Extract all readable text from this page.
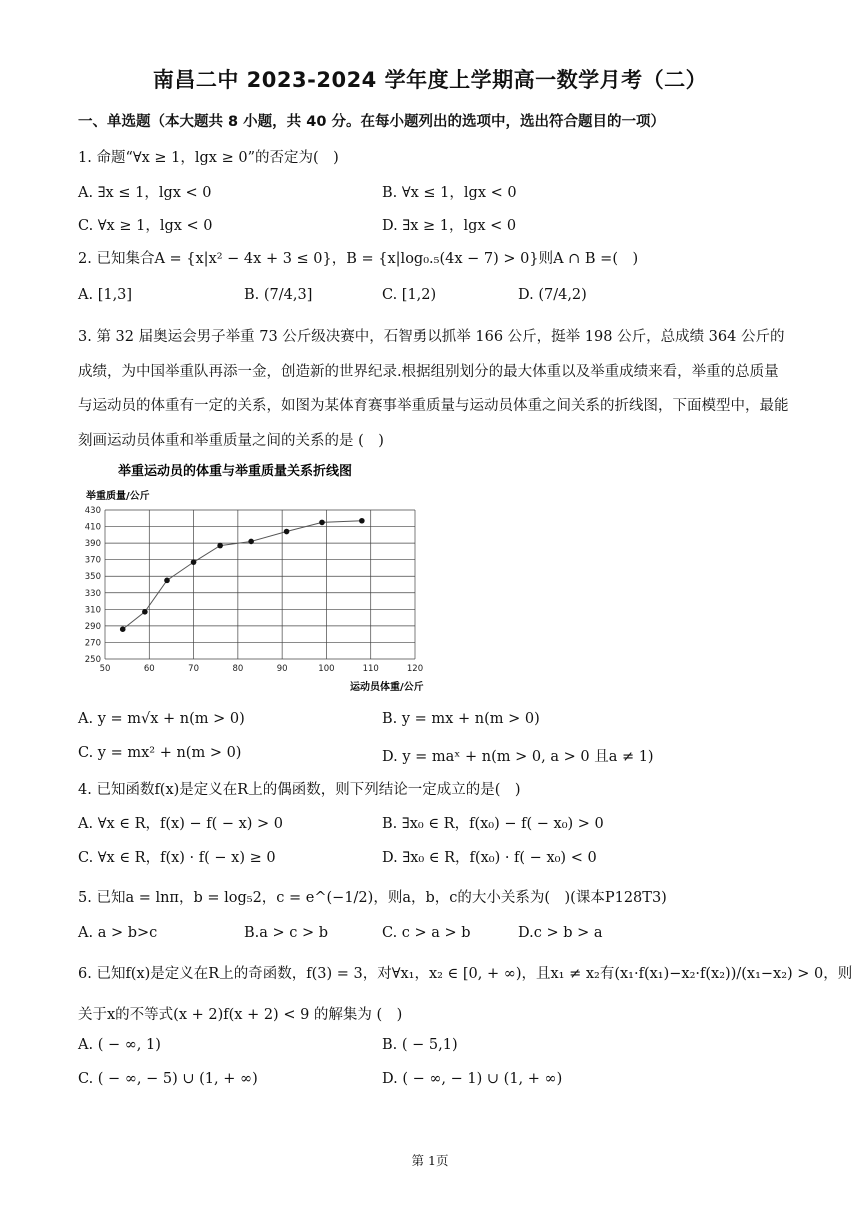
南昌二中 2023-2024 学年度上学期高一数学月考（二）
一、单选题（本大题共 8 小题，共 40 分。在每小题列出的选项中，选出符合题目的一项）
1. 命题“∀x ≥ 1，lgx ≥ 0”的否定为(　)
A. ∃x ≤ 1，lgx < 0	B. ∀x ≤ 1，lgx < 0
C. ∀x ≥ 1，lgx < 0	D. ∃x ≥ 1，lgx < 0
2. 已知集合A = {x|x² − 4x + 3 ≤ 0}，B = {x|log₀.₅(4x − 7) > 0}则A ∩ B =(　)
A. [1,3]	B. (7/4,3]	C. [1,2)	D. (7/4,2)
3. 第 32 届奥运会男子举重 73 公斤级决赛中，石智勇以抓举 166 公斤，挺举 198 公斤，总成绩 364 公斤的成绩，为中国举重队再添一金，创造新的世界纪录.根据组别划分的最大体重以及举重成绩来看，举重的总质量与运动员的体重有一定的关系，如图为某体育赛事举重质量与运动员体重之间关系的折线图，下面模型中，最能刻画运动员体重和举重质量之间的关系的是 (　)
举重运动员的体重与举重质量关系折线图
举重质量/公斤
运动员体重/公斤
250
270
290
310
330
350
370
390
410
430
50	60	70	80	90	100	110	120
A. y = m√x + n(m > 0)	B. y = mx + n(m > 0)
C. y = mx² + n(m > 0)	D. y = maˣ + n(m > 0, a > 0 且a ≠ 1)
4. 已知函数f(x)是定义在R上的偶函数，则下列结论一定成立的是(　)
A. ∀x ∈ R，f(x) − f( − x) > 0	B. ∃x₀ ∈ R，f(x₀) − f( − x₀) > 0
C. ∀x ∈ R，f(x) · f( − x) ≥ 0	D. ∃x₀ ∈ R，f(x₀) · f( − x₀) < 0
5. 已知a = lnπ，b = log₅2，c = e^(−1/2)，则a，b，c的大小关系为(　)(课本P128T3)
A. a > b>c	B.a > c > b	C. c > a > b	D.c > b > a
6. 已知f(x)是定义在R上的奇函数，f(3) = 3，对∀x₁，x₂ ∈ [0, + ∞)，且x₁ ≠ x₂有(x₁·f(x₁)−x₂·f(x₂))/(x₁−x₂) > 0，则
关于x的不等式(x + 2)f(x + 2) < 9 的解集为 (　)
A. ( − ∞, 1)	B. ( − 5,1)
C. ( − ∞, − 5) ∪ (1, + ∞)	D. ( − ∞, − 1) ∪ (1, + ∞)
第 1页
